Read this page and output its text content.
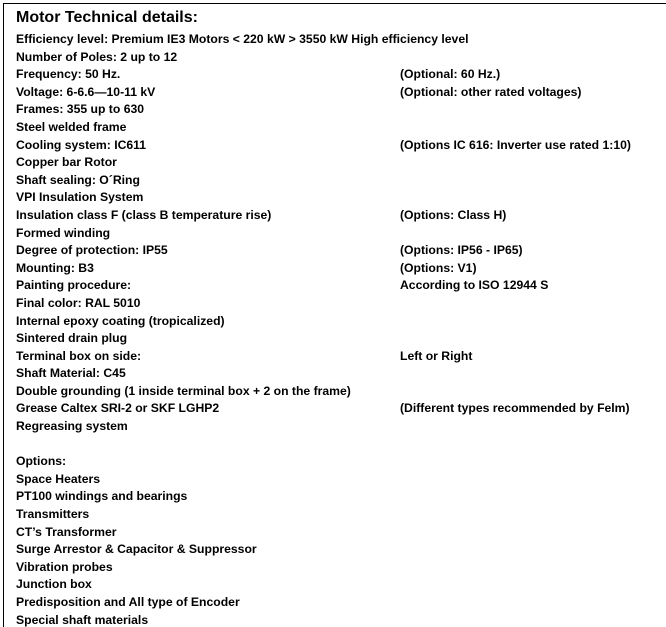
Motor Technical details:
Efficiency level: Premium IE3 Motors < 220 kW > 3550 kW High efficiency level
Number of Poles: 2 up to 12
Frequency: 50 Hz.	(Optional: 60 Hz.)
Voltage: 6-6.6—10-11 kV	(Optional: other rated voltages)
Frames: 355 up to 630
Steel welded frame
Cooling system: IC611	(Options IC 616: Inverter use rated 1:10)
Copper bar Rotor
Shaft sealing: O´Ring
VPI Insulation System
Insulation class F (class B temperature rise)	(Options: Class H)
Formed winding
Degree of protection: IP55	(Options: IP56 - IP65)
Mounting: B3	(Options: V1)
Painting procedure:	According to ISO 12944 S
Final color: RAL 5010
Internal epoxy coating (tropicalized)
Sintered drain plug
Terminal box on side:	Left or Right
Shaft Material: C45
Double grounding (1 inside terminal box + 2 on the frame)
Grease Caltex SRI-2 or SKF LGHP2	(Different types recommended by Felm)
Regreasing system
Options:
Space Heaters
PT100 windings and bearings
Transmitters
CT’s Transformer
Surge Arrestor & Capacitor & Suppressor
Vibration probes
Junction box
Predisposition and All type of Encoder
Special shaft materials
